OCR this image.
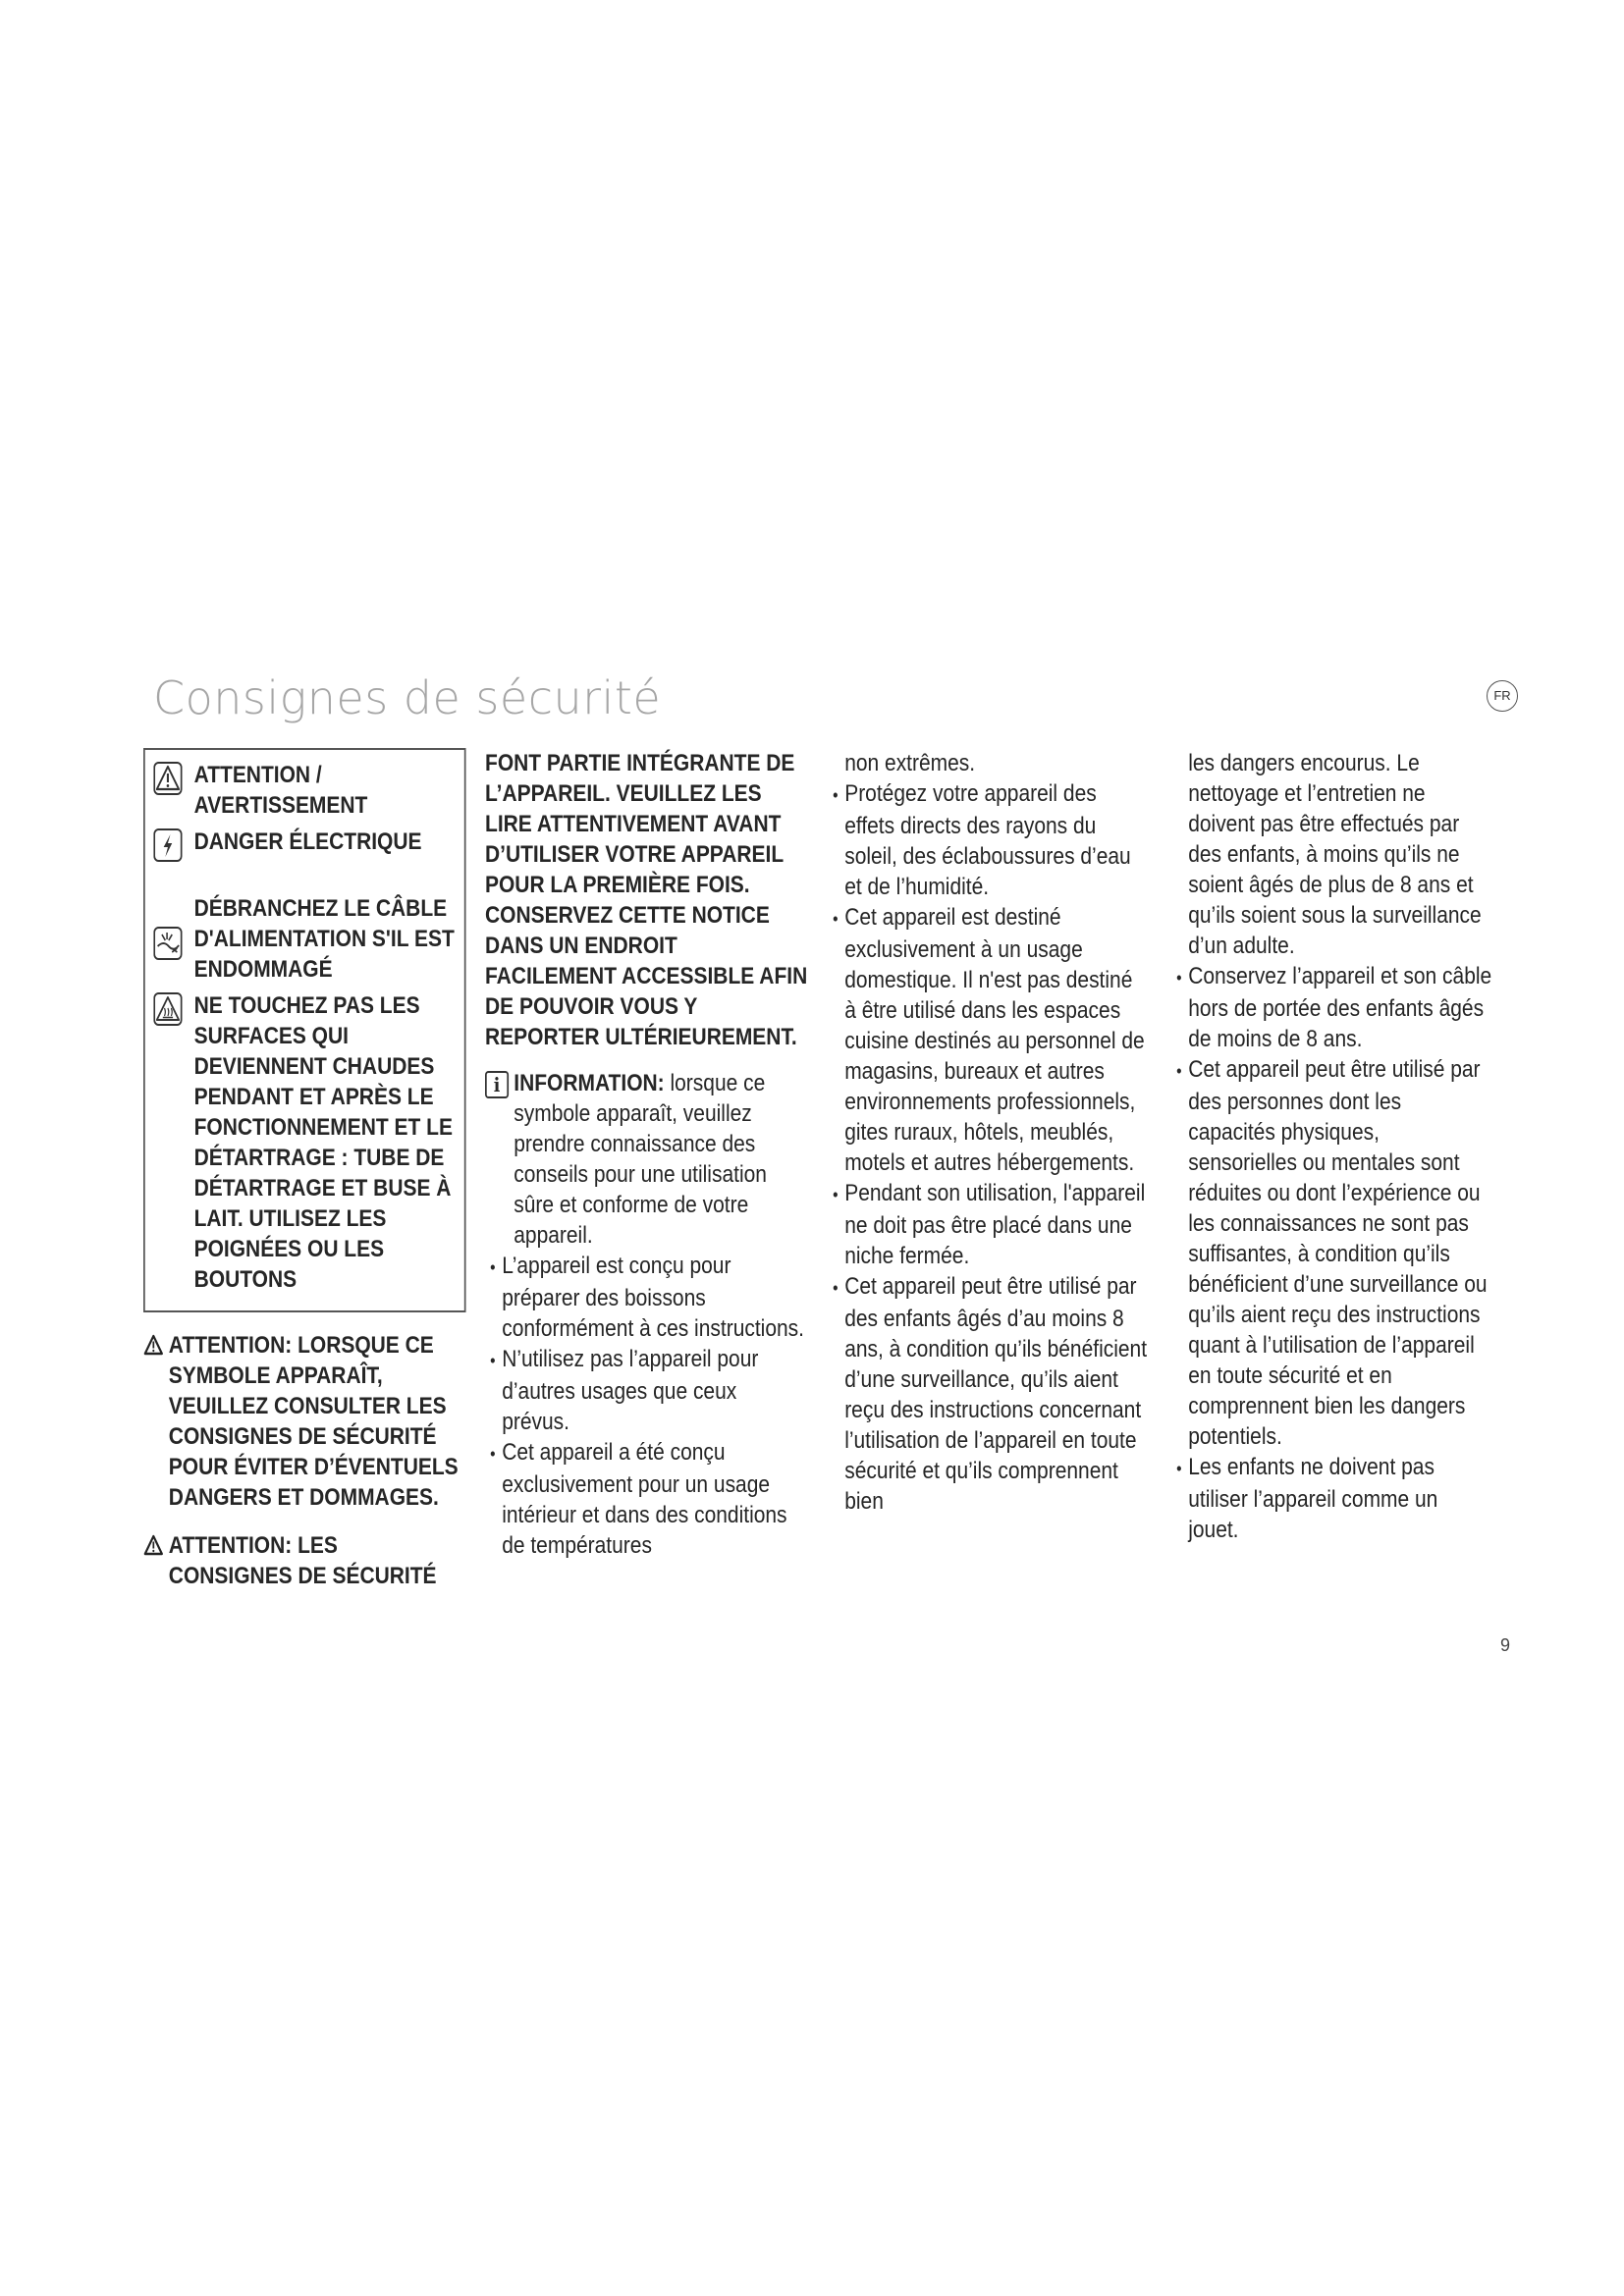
Consignes de sécurité	FR
ATTENTION / AVERTISSEMENT
DANGER ÉLECTRIQUE
DÉBRANCHEZ LE CÂBLE D'ALIMENTATION S'IL EST ENDOMMAGÉ
NE TOUCHEZ PAS LES SURFACES QUI DEVIENNENT CHAUDES PENDANT ET APRÈS LE FONCTIONNEMENT ET LE DÉTARTRAGE : TUBE DE DÉTARTRAGE ET BUSE À LAIT. UTILISEZ LES POIGNÉES OU LES BOUTONS
ATTENTION: LORSQUE CE SYMBOLE APPARAÎT, VEUILLEZ CONSULTER LES CONSIGNES DE SÉCURITÉ POUR ÉVITER D’ÉVENTUELS DANGERS ET DOMMAGES.
ATTENTION: LES CONSIGNES DE SÉCURITÉ

FONT PARTIE INTÉGRANTE DE L’APPAREIL. VEUILLEZ LES LIRE ATTENTIVEMENT AVANT D’UTILISER VOTRE APPAREIL POUR LA PREMIÈRE FOIS. CONSERVEZ CETTE NOTICE DANS UN ENDROIT FACILEMENT ACCESSIBLE AFIN DE POUVOIR VOUS Y REPORTER ULTÉRIEUREMENT.

i INFORMATION: lorsque ce symbole apparaît, veuillez prendre connaissance des conseils pour une utilisation sûre et conforme de votre appareil.

• L’appareil est conçu pour préparer des boissons conformément à ces instructions.

• N’utilisez pas l’appareil pour d’autres usages que ceux prévus.

• Cet appareil a été conçu exclusivement pour un usage intérieur et dans des conditions de températures

non extrêmes.

• Protégez votre appareil des effets directs des rayons du soleil, des éclaboussures d’eau et de l’humidité.

• Cet appareil est destiné exclusivement à un usage domestique. Il n'est pas destiné à être utilisé dans les espaces cuisine destinés au personnel de magasins, bureaux et autres environnements professionnels, gites ruraux, hôtels, meublés, motels et autres hébergements.

• Pendant son utilisation, l'appareil ne doit pas être placé dans une niche fermée.

• Cet appareil peut être utilisé par des enfants âgés d’au moins 8 ans, à condition qu’ils bénéficient d’une surveillance, qu’ils aient reçu des instructions concernant l’utilisation de l’appareil en toute sécurité et qu’ils comprennent bien

les dangers encourus. Le nettoyage et l’entretien ne doivent pas être effectués par des enfants, à moins qu’ils ne soient âgés de plus de 8 ans et qu’ils soient sous la surveillance d’un adulte.

• Conservez l’appareil et son câble hors de portée des enfants âgés de moins de 8 ans.

• Cet appareil peut être utilisé par des personnes dont les capacités physiques, sensorielles ou mentales sont réduites ou dont l’expérience ou les connaissances ne sont pas suffisantes, à condition qu’ils bénéficient d’une surveillance ou qu’ils aient reçu des instructions quant à l’utilisation de l’appareil en toute sécurité et en comprennent bien les dangers potentiels.

• Les enfants ne doivent pas utiliser l’appareil comme un jouet.

9
